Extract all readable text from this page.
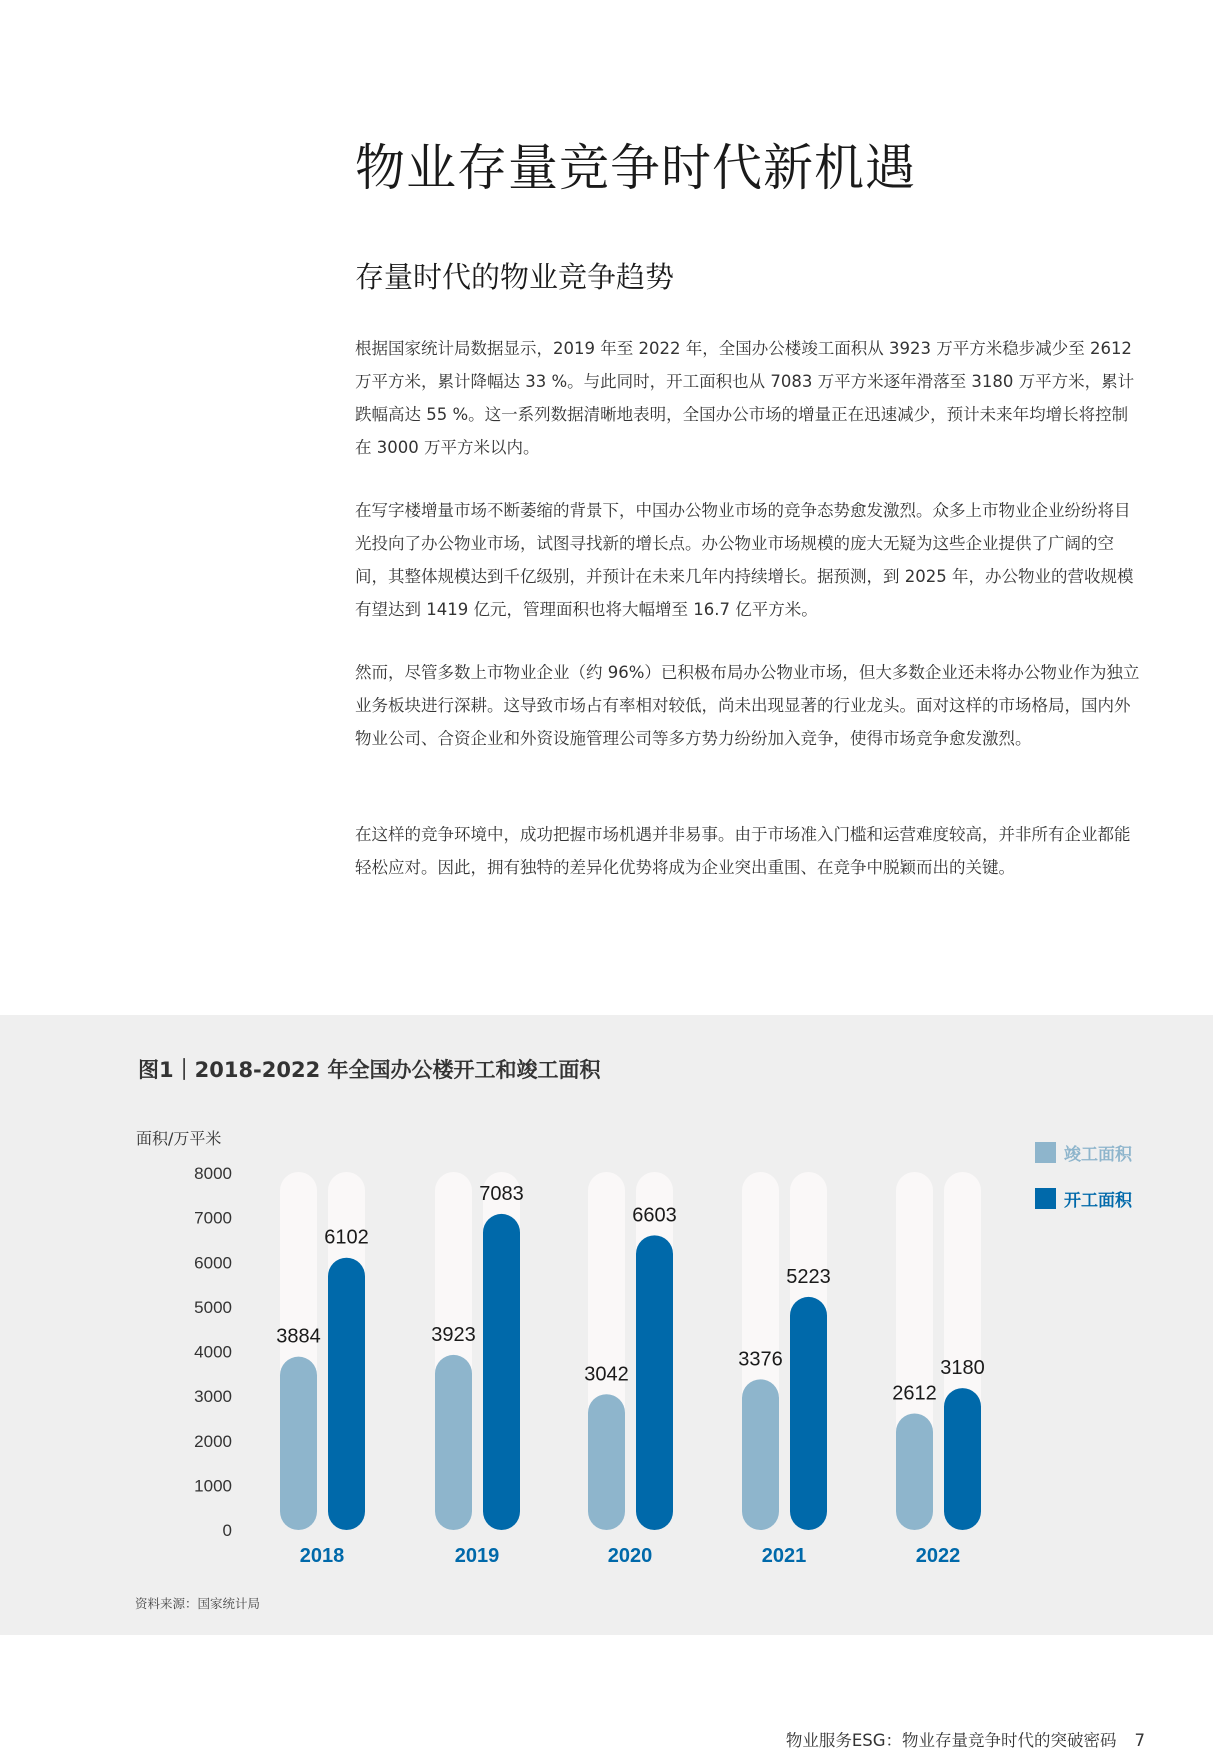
物业存量竞争时代新机遇
存量时代的物业竞争趋势

根据国家统计局数据显示，2019 年至 2022 年，全国办公楼竣工面积从 3923 万平方米稳步减少至 2612 万平方米，累计降幅达 33 %。与此同时，开工面积也从 7083 万平方米逐年滑落至 3180 万平方米，累计跌幅高达 55 %。这一系列数据清晰地表明，全国办公市场的增量正在迅速减少，预计未来年均增长将控制在 3000 万平方米以内。

在写字楼增量市场不断萎缩的背景下，中国办公物业市场的竞争态势愈发激烈。众多上市物业企业纷纷将目光投向了办公物业市场，试图寻找新的增长点。办公物业市场规模的庞大无疑为这些企业提供了广阔的空间，其整体规模达到千亿级别，并预计在未来几年内持续增长。据预测，到 2025 年，办公物业的营收规模有望达到 1419 亿元，管理面积也将大幅增至 16.7 亿平方米。

然而，尽管多数上市物业企业（约 96%）已积极布局办公物业市场，但大多数企业还未将办公物业作为独立业务板块进行深耕。这导致市场占有率相对较低，尚未出现显著的行业龙头。面对这样的市场格局，国内外物业公司、合资企业和外资设施管理公司等多方势力纷纷加入竞争，使得市场竞争愈发激烈。

在这样的竞争环境中，成功把握市场机遇并非易事。由于市场准入门槛和运营难度较高，并非所有企业都能轻松应对。因此，拥有独特的差异化优势将成为企业突出重围、在竞争中脱颖而出的关键。

图1｜2018-2022 年全国办公楼开工和竣工面积
面积/万平米
0
1000
2000
3000
4000
5000
6000
7000
8000
3884
6102
2018
3923
7083
2019
3042
6603
2020
3376
5223
2021
2612
3180
2022
竣工面积
开工面积
资料来源：国家统计局
物业服务ESG：物业存量竞争时代的突破密码 7
